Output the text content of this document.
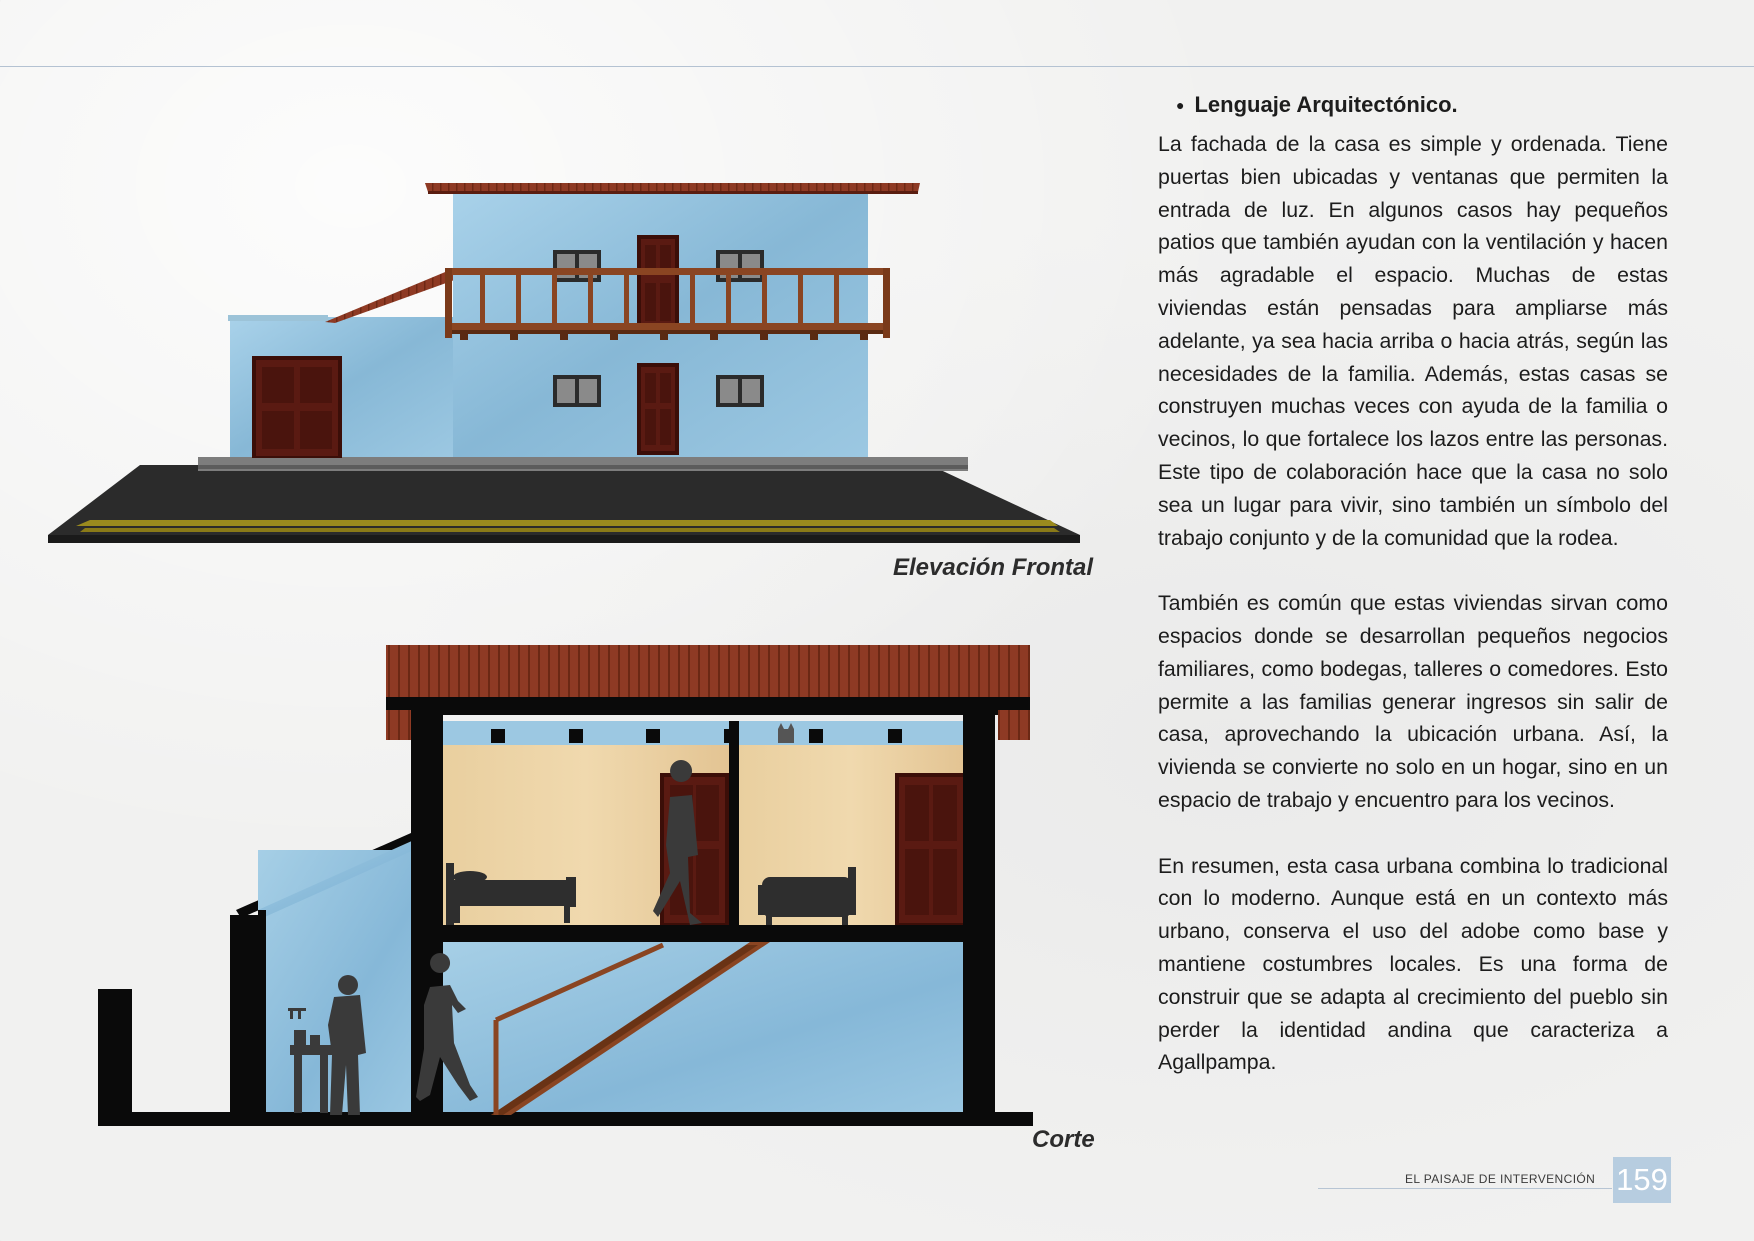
Elevación Frontal

Corte

● Lenguaje Arquitectónico.

La fachada de la casa es simple y ordenada. Tiene puertas bien ubicadas y ventanas que permiten la entrada de luz. En algunos casos hay pequeños patios que también ayudan con la ventilación y hacen más agradable el espacio. Muchas de estas viviendas están pensadas para ampliarse más adelante, ya sea hacia arriba o hacia atrás, según las necesidades de la familia. Además, estas casas se construyen muchas veces con ayuda de la familia o vecinos, lo que fortalece los lazos entre las personas. Este tipo de colaboración hace que la casa no solo sea un lugar para vivir, sino también un símbolo del trabajo conjunto y de la comunidad que la rodea.

También es común que estas viviendas sirvan como espacios donde se desarrollan pequeños negocios familiares, como bodegas, talleres o comedores. Esto permite a las familias generar ingresos sin salir de casa, aprovechando la ubicación urbana. Así, la vivienda se convierte no solo en un hogar, sino en un espacio de trabajo y encuentro para los vecinos.

En resumen, esta casa urbana combina lo tradicional con lo moderno. Aunque está en un contexto más urbano, conserva el uso del adobe como base y mantiene costumbres locales. Es una forma de construir que se adapta al crecimiento del pueblo sin perder la identidad andina que caracteriza a Agallpampa.

EL PAISAJE DE INTERVENCIÓN 159
